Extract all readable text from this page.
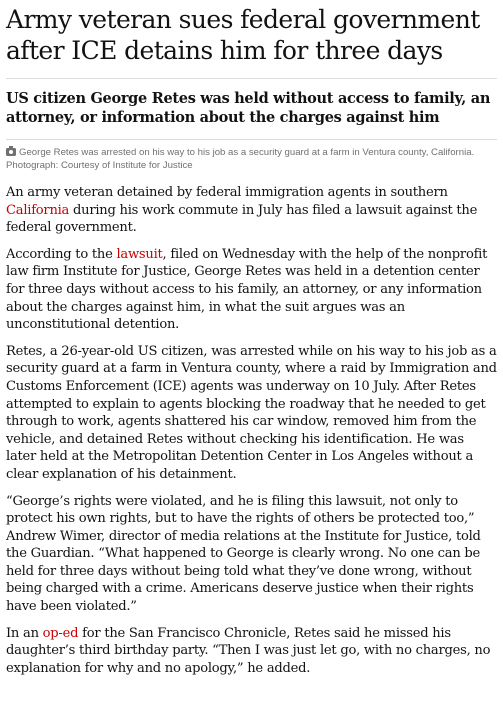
Army veteran sues federal government after ICE detains him for three days

US citizen George Retes was held without access to family, an attorney, or information about the charges against him

George Retes was arrested on his way to his job as a security guard at a farm in Ventura county, California. Photograph: Courtesy of Institute for Justice

An army veteran detained by federal immigration agents in southern California during his work commute in July has filed a lawsuit against the federal government.

According to the lawsuit, filed on Wednesday with the help of the nonprofit law firm Institute for Justice, George Retes was held in a detention center for three days without access to his family, an attorney, or any information about the charges against him, in what the suit argues was an unconstitutional detention.

Retes, a 26-year-old US citizen, was arrested while on his way to his job as a security guard at a farm in Ventura county, where a raid by Immigration and Customs Enforcement (ICE) agents was underway on 10 July. After Retes attempted to explain to agents blocking the roadway that he needed to get through to work, agents shattered his car window, removed him from the vehicle, and detained Retes without checking his identification. He was later held at the Metropolitan Detention Center in Los Angeles without a clear explanation of his detainment.

“George’s rights were violated, and he is filing this lawsuit, not only to protect his own rights, but to have the rights of others be protected too,” Andrew Wimer, director of media relations at the Institute for Justice, told the Guardian. “What happened to George is clearly wrong. No one can be held for three days without being told what they’ve done wrong, without being charged with a crime. Americans deserve justice when their rights have been violated.”

In an op-ed for the San Francisco Chronicle, Retes said he missed his daughter’s third birthday party. “Then I was just let go, with no charges, no explanation for why and no apology,” he added.
